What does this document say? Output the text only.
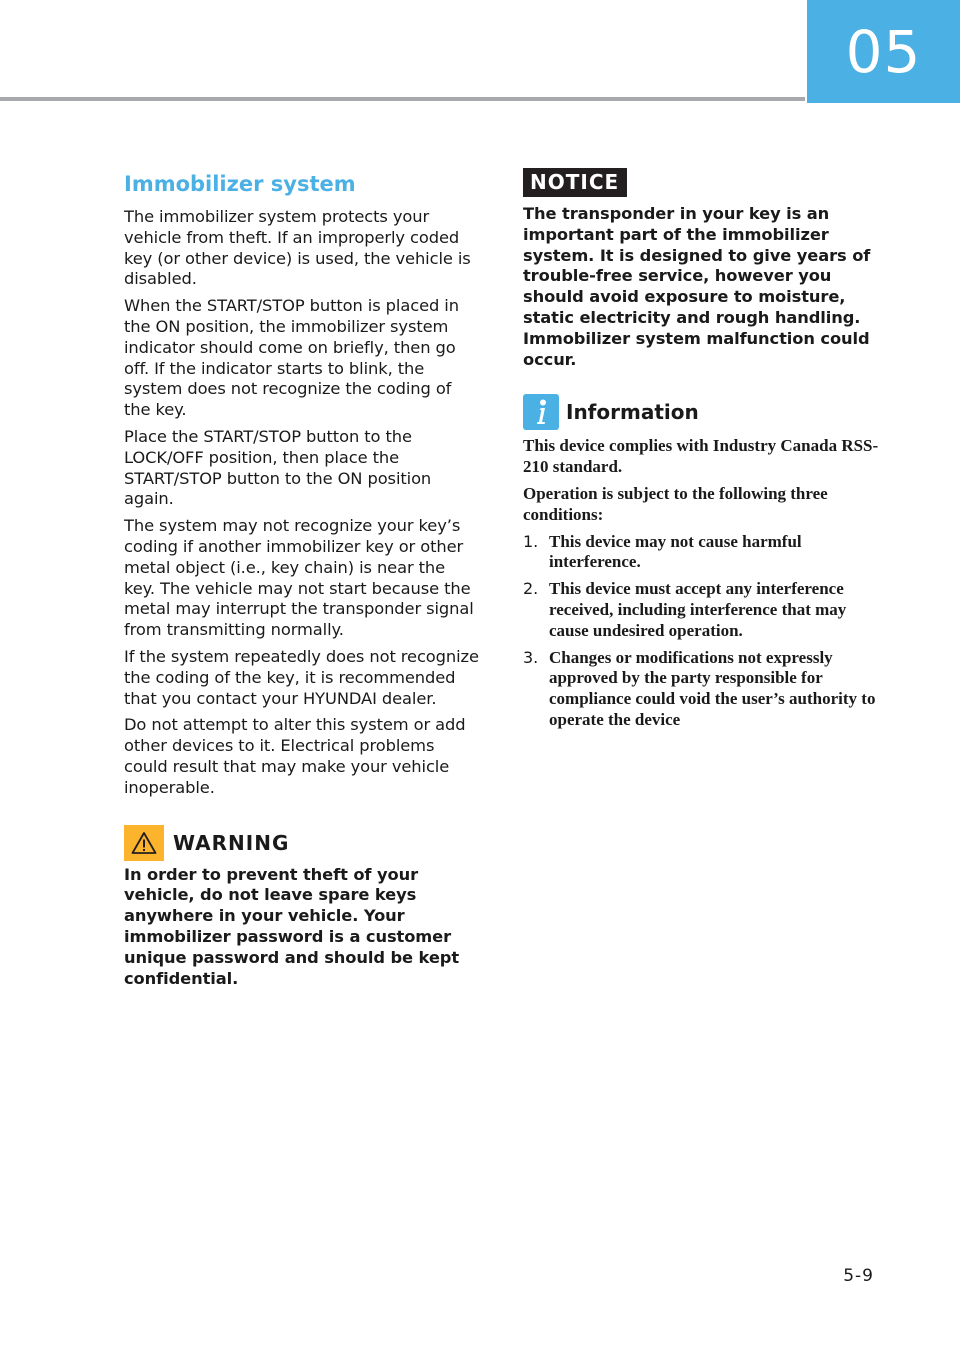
05
Immobilizer system

The immobilizer system protects your vehicle from theft. If an improperly coded key (or other device) is used, the vehicle is disabled.

When the START/STOP button is placed in the ON position, the immobilizer system indicator should come on briefly, then go off. If the indicator starts to blink, the system does not recognize the coding of the key.

Place the START/STOP button to the LOCK/OFF position, then place the START/STOP button to the ON position again.

The system may not recognize your key’s coding if another immobilizer key or other metal object (i.e., key chain) is near the key. The vehicle may not start because the metal may interrupt the transponder signal from transmitting normally.

If the system repeatedly does not recognize the coding of the key, it is recommended that you contact your HYUNDAI dealer.

Do not attempt to alter this system or add other devices to it. Electrical problems could result that may make your vehicle inoperable.

WARNING

In order to prevent theft of your vehicle, do not leave spare keys anywhere in your vehicle. Your immobilizer password is a customer unique password and should be kept confidential.

NOTICE

The transponder in your key is an important part of the immobilizer system. It is designed to give years of trouble-free service, however you should avoid exposure to moisture, static electricity and rough handling. Immobilizer system malfunction could occur.

Information

This device complies with Industry Canada RSS-210 standard.

Operation is subject to the following three conditions:

1. This device may not cause harmful interference.
2. This device must accept any interference received, including interference that may cause undesired operation.
3. Changes or modifications not expressly approved by the party responsible for compliance could void the user’s authority to operate the device
5-9
